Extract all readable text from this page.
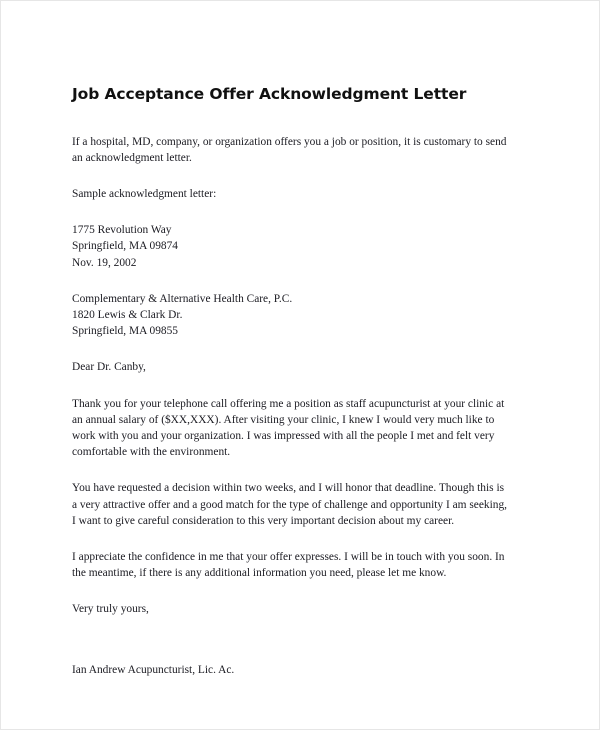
Job Acceptance Offer Acknowledgment Letter

If a hospital, MD, company, or organization offers you a job or position, it is customary to send an acknowledgment letter.

Sample acknowledgment letter:

1775 Revolution Way
Springfield, MA 09874
Nov. 19, 2002
Complementary & Alternative Health Care, P.C.
1820 Lewis & Clark Dr.
Springfield, MA 09855

Dear Dr. Canby,

Thank you for your telephone call offering me a position as staff acupuncturist at your clinic at an annual salary of ($XX,XXX). After visiting your clinic, I knew I would very much like to work with you and your organization. I was impressed with all the people I met and felt very comfortable with the environment.

You have requested a decision within two weeks, and I will honor that deadline. Though this is a very attractive offer and a good match for the type of challenge and opportunity I am seeking, I want to give careful consideration to this very important decision about my career.

I appreciate the confidence in me that your offer expresses. I will be in touch with you soon. In the meantime, if there is any additional information you need, please let me know.

Very truly yours,

Ian Andrew Acupuncturist, Lic. Ac.
